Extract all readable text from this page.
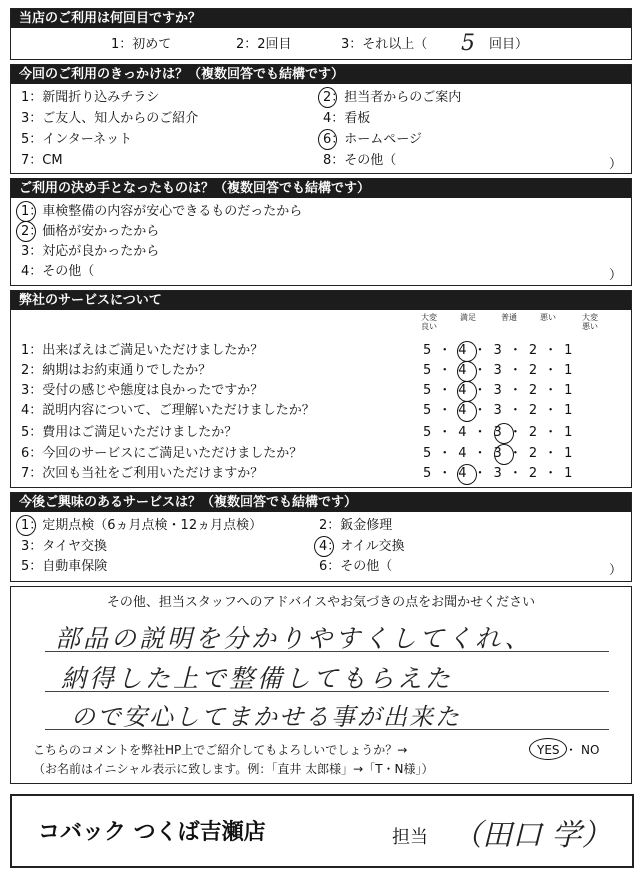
当店のご利用は何回目ですか？
1：初めて	2：2回目	3：それ以上（ 5 回目）
今回のご利用のきっかけは？（複数回答でも結構です）
1：新聞折り込みチラシ	2：担当者からのご案内
3：ご友人、知人からのご紹介	4：看板
5：インターネット	6：ホームページ
7：CM	8：その他（	）
ご利用の決め手となったものは？（複数回答でも結構です）
1：車検整備の内容が安心できるものだったから
2：価格が安かったから
3：対応が良かったから
4：その他（	）
弊社のサービスについて
大変
良い
満足	普通	悪い	大変
悪い
1：出来ばえはご満足いただけましたか？	5・4・3・2・1
2：納期はお約束通りでしたか？	5・4・3・2・1
3：受付の感じや態度は良かったですか？	5・4・3・2・1
4：説明内容について、ご理解いただけましたか？	5・4・3・2・1
5：費用はご満足いただけましたか？	5・4・3・2・1
6：今回のサービスにご満足いただけましたか？	5・4・3・2・1
7：次回も当社をご利用いただけますか？	5・4・3・2・1
今後ご興味のあるサービスは？（複数回答でも結構です）
1：定期点検（6ヵ月点検・12ヵ月点検）	2：鈑金修理
3：タイヤ交換	4：オイル交換
5：自動車保険	6：その他（	）
その他、担当スタッフへのアドバイスやお気づきの点をお聞かせください
部品の説明を分かりやすくしてくれ、
納得した上で整備してもらえた
ので安心してまかせる事が出来た
こちらのコメントを弊社HP上でご紹介してもよろしいでしょうか？→	YES ・ NO
（お名前はイニシャル表示に致します。例：「直井 太郎様」→「T・N様」）
コバック つくば吉瀬店	担当 （田口 学）
